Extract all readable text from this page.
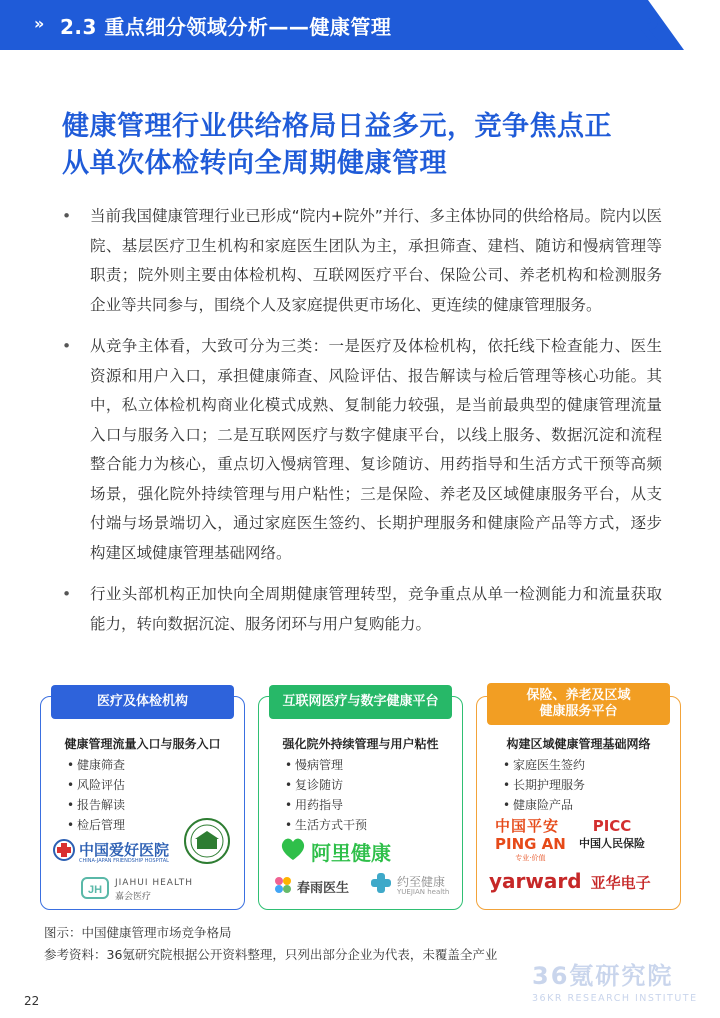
» 2.3 重点细分领域分析——健康管理
健康管理行业供给格局日益多元，竞争焦点正
从单次体检转向全周期健康管理
• 当前我国健康管理行业已形成“院内+院外”并行、多主体协同的供给格局。院内以医院、基层医疗卫生机构和家庭医生团队为主，承担筛查、建档、随访和慢病管理等职责；院外则主要由体检机构、互联网医疗平台、保险公司、养老机构和检测服务企业等共同参与，围绕个人及家庭提供更市场化、更连续的健康管理服务。
• 从竞争主体看，大致可分为三类：一是医疗及体检机构，依托线下检查能力、医生资源和用户入口，承担健康筛查、风险评估、报告解读与检后管理等核心功能。其中，私立体检机构商业化模式成熟、复制能力较强，是当前最典型的健康管理流量入口与服务入口；二是互联网医疗与数字健康平台，以线上服务、数据沉淀和流程整合能力为核心，重点切入慢病管理、复诊随访、用药指导和生活方式干预等高频场景，强化院外持续管理与用户粘性；三是保险、养老及区域健康服务平台，从支付端与场景端切入，通过家庭医生签约、长期护理服务和健康险产品等方式，逐步构建区域健康管理基础网络。
• 行业头部机构正加快向全周期健康管理转型，竞争重点从单一检测能力和流量获取能力，转向数据沉淀、服务闭环与用户复购能力。
医疗及体检机构
健康管理流量入口与服务入口
• 健康筛查
• 风险评估
• 报告解读
• 检后管理
中国爱好医院
CHINA-JAPAN FRIENDSHIP HOSPITAL
JH
JIAHUI HEALTH
嘉会医疗
互联网医疗与数字健康平台
强化院外持续管理与用户粘性
• 慢病管理
• 复诊随访
• 用药指导
• 生活方式干预
阿里健康
春雨医生	约至健康
YUEJIAN health
保险、养老及区域
健康服务平台
构建区域健康管理基础网络
• 家庭医生签约
• 长期护理服务
• 健康险产品
中国平安
PING AN
专业·价值
PICC
中国人民保险
yarward 亚华电子
图示：中国健康管理市场竞争格局
参考资料：36氪研究院根据公开资料整理，只列出部分企业为代表，未覆盖全产业
36氪研究院
36KR RESEARCH INSTITUTE
22
